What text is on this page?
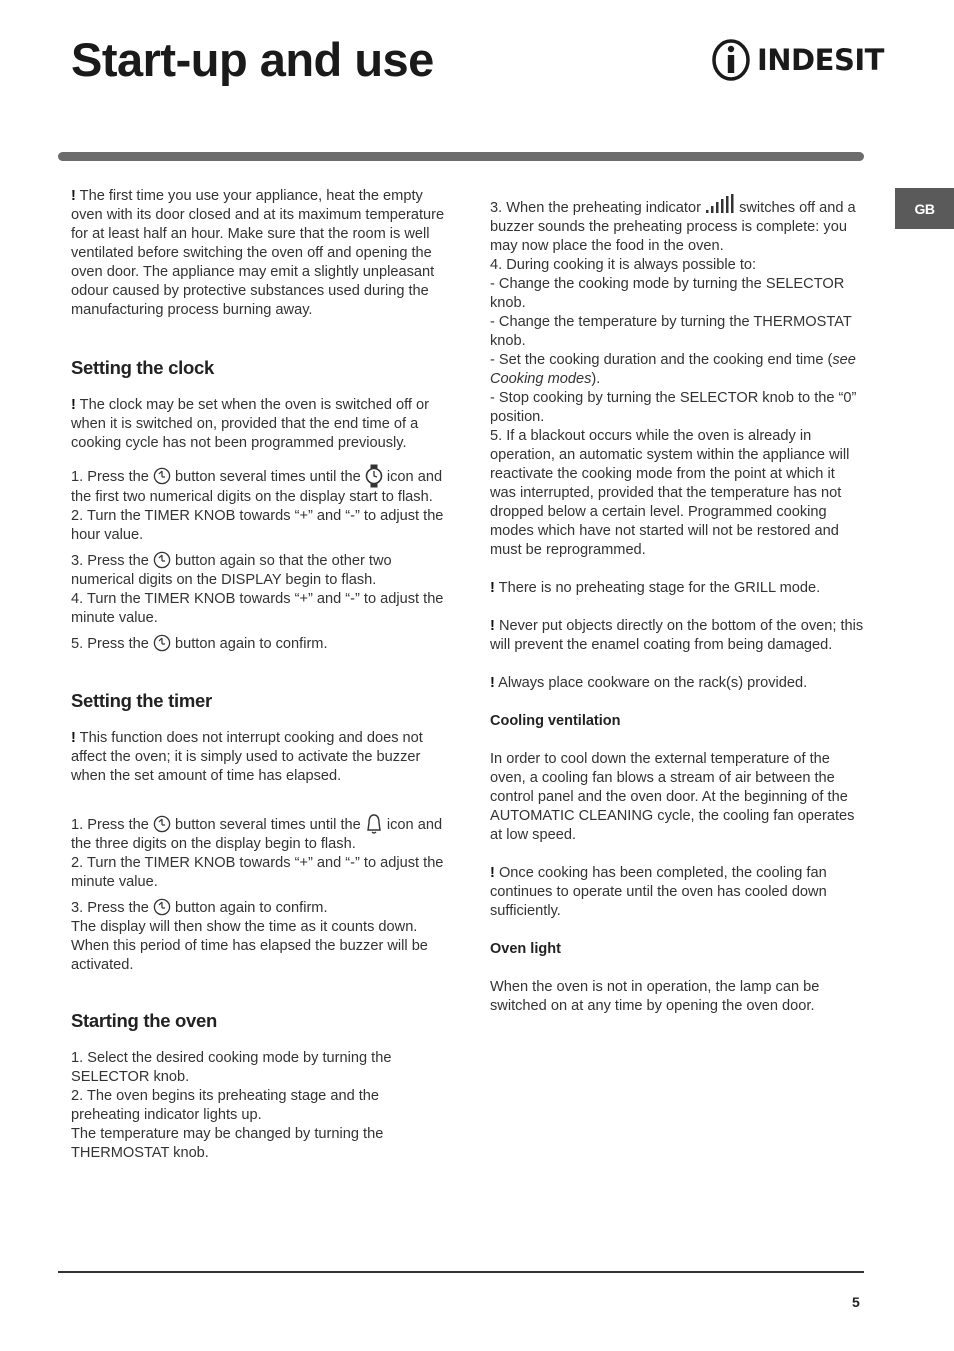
Start-up and use	INDESIT
GB

! The first time you use your appliance, heat the empty oven with its door closed and at its maximum temperature for at least half an hour. Make sure that the room is well ventilated before switching the oven off and opening the oven door. The appliance may emit a slightly unpleasant odour caused by protective substances used during the manufacturing process burning away.

Setting the clock

! The clock may be set when the oven is switched off or when it is switched on, provided that the end time of a cooking cycle has not been programmed previously.

1. Press the button several times until the icon and the first two numerical digits on the display start to flash.

2. Turn the TIMER KNOB towards “+” and “-” to adjust the hour value.

3. Press the button again so that the other two numerical digits on the DISPLAY begin to flash.

4. Turn the TIMER KNOB towards “+” and “-” to adjust the minute value.

5. Press the button again to confirm.

Setting the timer

! This function does not interrupt cooking and does not affect the oven; it is simply used to activate the buzzer when the set amount of time has elapsed.

1. Press the button several times until the icon and the three digits on the display begin to flash.

2. Turn the TIMER KNOB towards “+” and “-” to adjust the minute value.

3. Press the button again to confirm.

The display will then show the time as it counts down. When this period of time has elapsed the buzzer will be activated.

Starting the oven

1. Select the desired cooking mode by turning the SELECTOR knob.

2. The oven begins its preheating stage and the preheating indicator lights up.

The temperature may be changed by turning the THERMOSTAT knob.

3. When the preheating indicator	switches off and a buzzer sounds the preheating process is complete: you may now place the food in the oven.

4. During cooking it is always possible to:

- Change the cooking mode by turning the SELECTOR knob.

- Change the temperature by turning the THERMOSTAT knob.

- Set the cooking duration and the cooking end time (see Cooking modes).

- Stop cooking by turning the SELECTOR knob to the “0” position.

5. If a blackout occurs while the oven is already in operation, an automatic system within the appliance will reactivate the cooking mode from the point at which it was interrupted, provided that the temperature has not dropped below a certain level. Programmed cooking modes which have not started will not be restored and must be reprogrammed.

! There is no preheating stage for the GRILL mode.

! Never put objects directly on the bottom of the oven; this will prevent the enamel coating from being damaged.

! Always place cookware on the rack(s) provided.

Cooling ventilation

In order to cool down the external temperature of the oven, a cooling fan blows a stream of air between the control panel and the oven door. At the beginning of the AUTOMATIC CLEANING cycle, the cooling fan operates at low speed.

! Once cooking has been completed, the cooling fan continues to operate until the oven has cooled down sufficiently.

Oven light

When the oven is not in operation, the lamp can be switched on at any time by opening the oven door.

5
